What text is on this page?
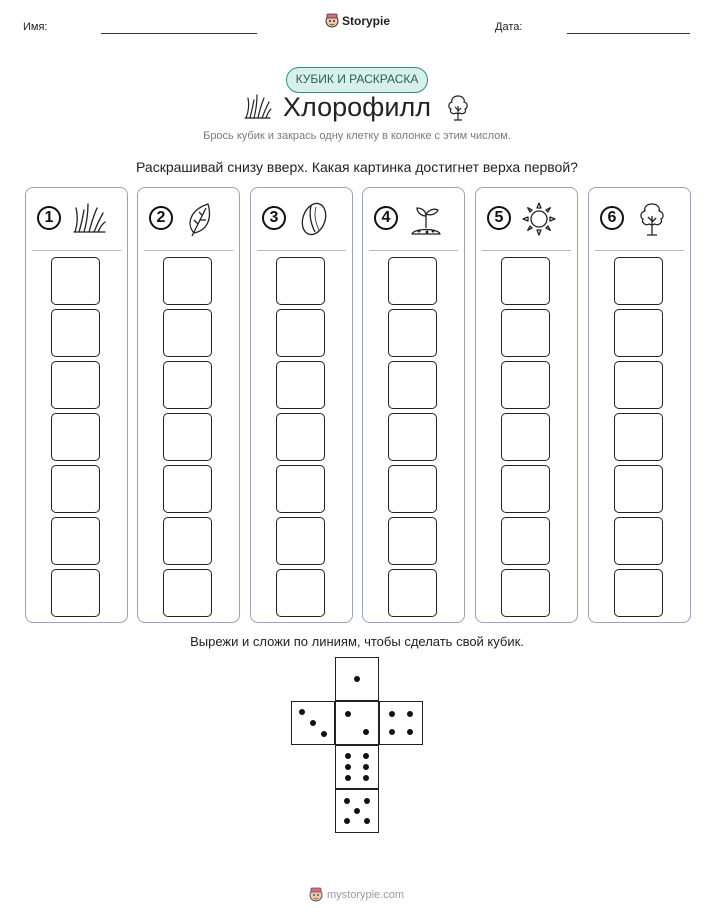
Имя:	Storypie	Дата:
КУБИК И РАСКРАСКА
Хлорофилл
Брось кубик и закрась одну клетку в колонке с этим числом.
Раскрашивай снизу вверх. Какая картинка достигнет верха первой?
1	2	3	4	5	6
Вырежи и сложи по линиям, чтобы сделать свой кубик.
mystorypie.com
